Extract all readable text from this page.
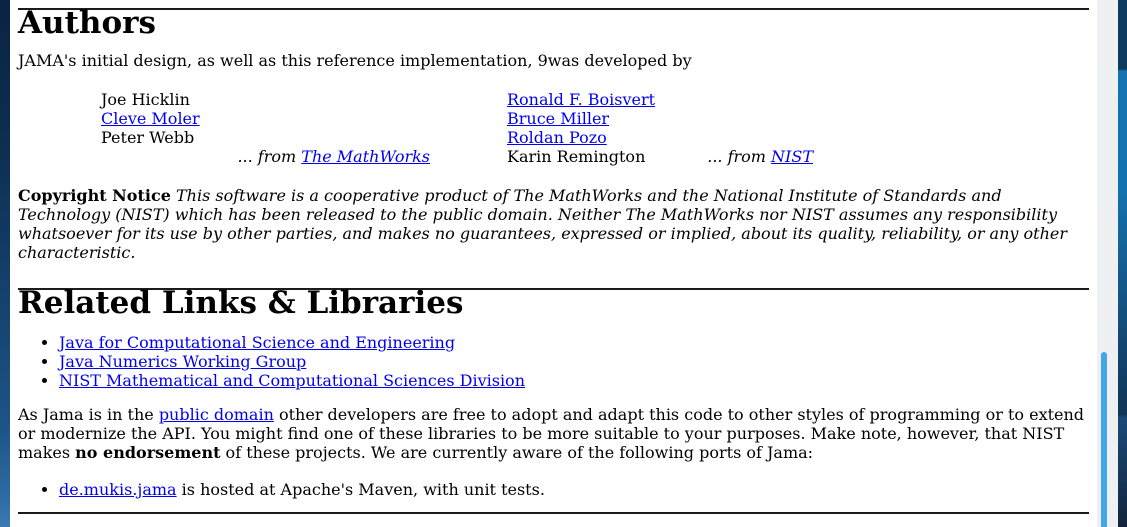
Authors

JAMA's initial design, as well as this reference implementation, 9was developed by

Joe Hicklin	Ronald F. Boisvert
Cleve Moler	Bruce Miller
Peter Webb	Roldan Pozo
... from The MathWorks	Karin Remington	... from NIST

Copyright Notice This software is a cooperative product of The MathWorks and the National Institute of Standards and
Technology (NIST) which has been released to the public domain. Neither The MathWorks nor NIST assumes any responsibility
whatsoever for its use by other parties, and makes no guarantees, expressed or implied, about its quality, reliability, or any other
characteristic.

Related Links & Libraries
• Java for Computational Science and Engineering
• Java Numerics Working Group
• NIST Mathematical and Computational Sciences Division

As Jama is in the public domain other developers are free to adopt and adapt this code to other styles of programming or to extend
or modernize the API. You might find one of these libraries to be more suitable to your purposes. Make note, however, that NIST
makes no endorsement of these projects. We are currently aware of the following ports of Jama:

• de.mukis.jama is hosted at Apache's Maven, with unit tests.
